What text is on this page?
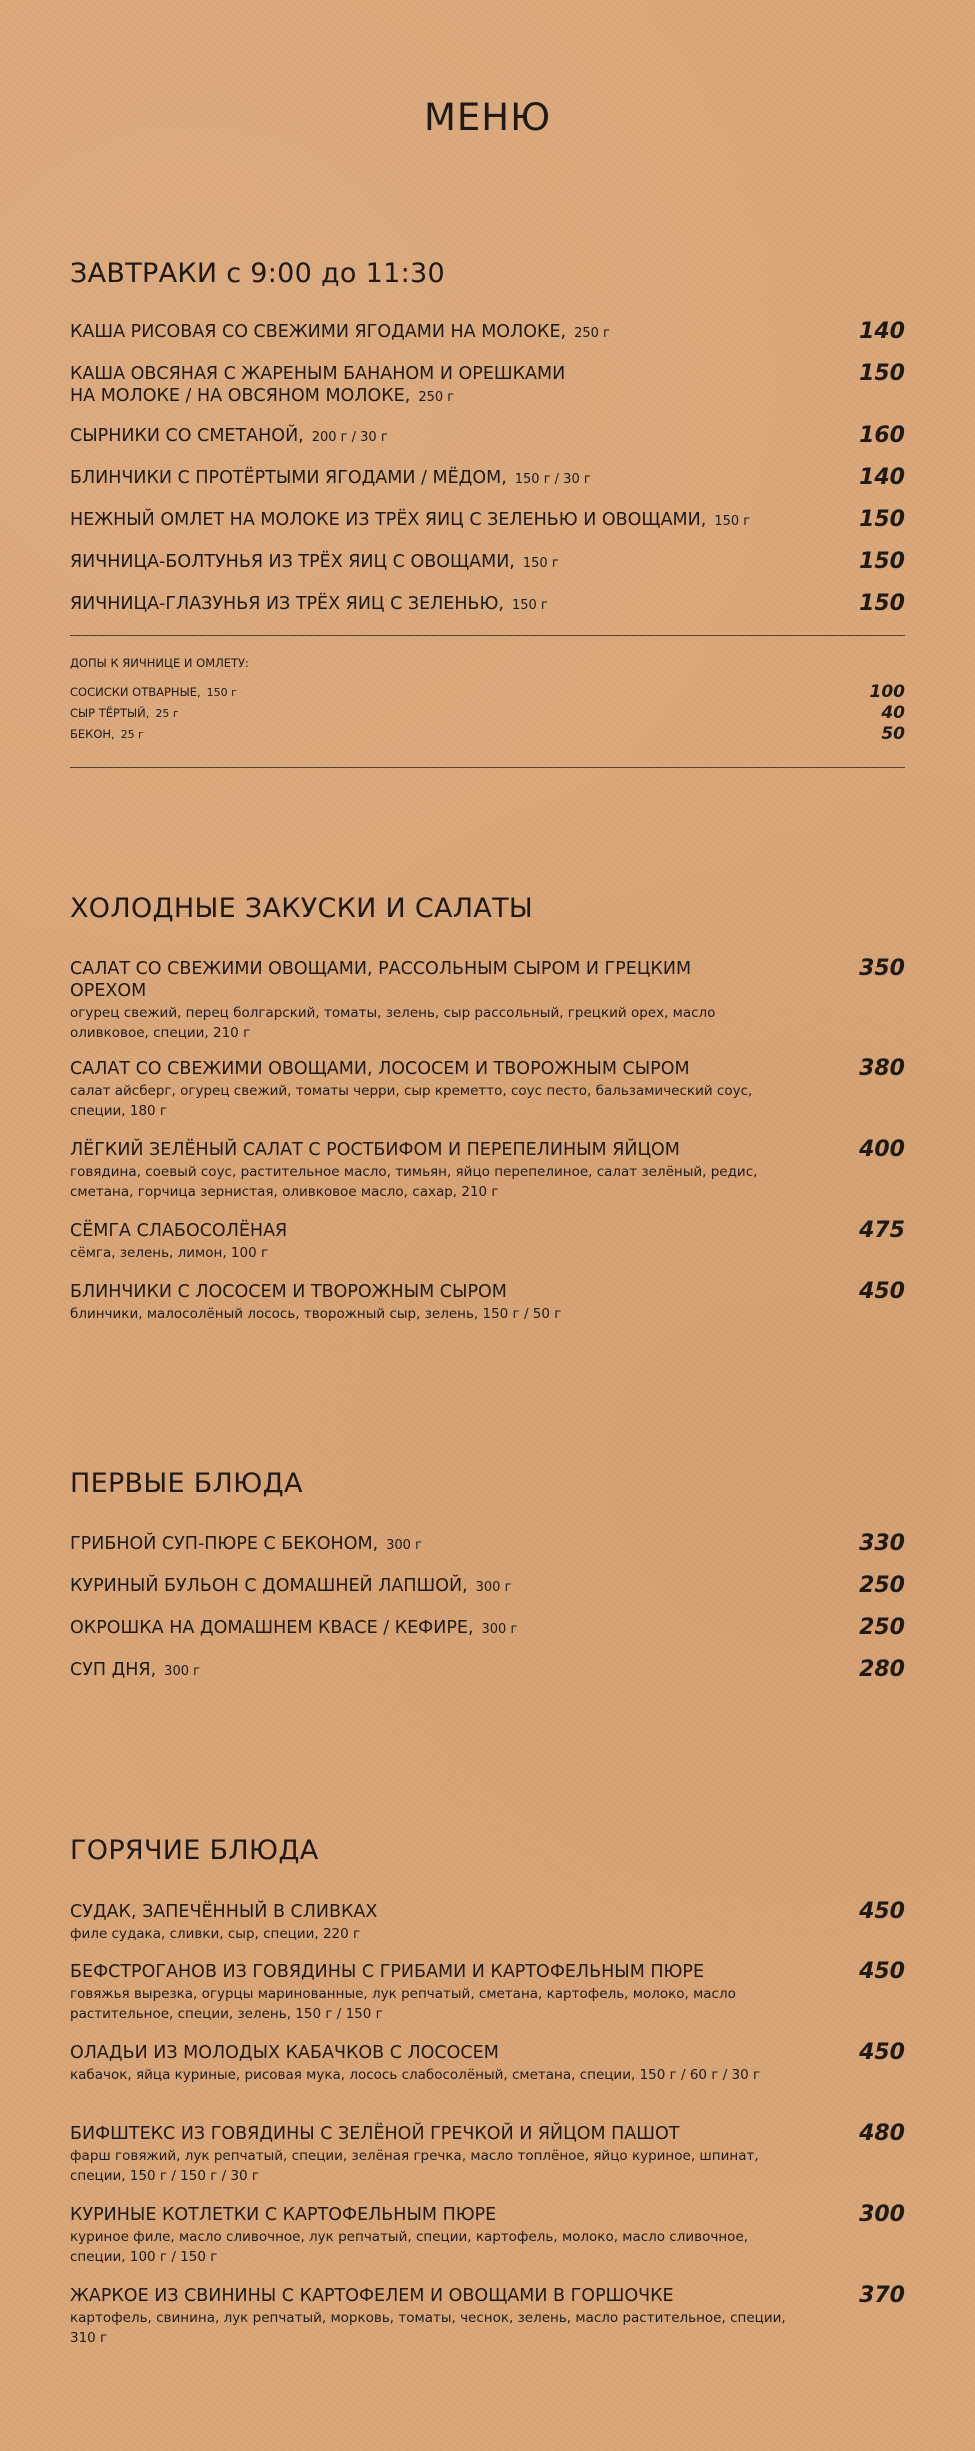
МЕНЮ
ЗАВТРАКИ с 9:00 до 11:30
КАША РИСОВАЯ СО СВЕЖИМИ ЯГОДАМИ НА МОЛОКЕ, 250 г	140
КАША ОВСЯНАЯ С ЖАРЕНЫМ БАНАНОМ И ОРЕШКАМИ НА МОЛОКЕ / НА ОВСЯНОМ МОЛОКЕ, 250 г
150
СЫРНИКИ СО СМЕТАНОЙ, 200 г / 30 г	160
БЛИНЧИКИ С ПРОТЁРТЫМИ ЯГОДАМИ / МЁДОМ, 150 г / 30 г	140
НЕЖНЫЙ ОМЛЕТ НА МОЛОКЕ ИЗ ТРЁХ ЯИЦ С ЗЕЛЕНЬЮ И ОВОЩАМИ, 150 г	150
ЯИЧНИЦА-БОЛТУНЬЯ ИЗ ТРЁХ ЯИЦ С ОВОЩАМИ, 150 г	150
ЯИЧНИЦА-ГЛАЗУНЬЯ ИЗ ТРЁХ ЯИЦ С ЗЕЛЕНЬЮ, 150 г	150
ДОПЫ К ЯИЧНИЦЕ И ОМЛЕТУ:
СОСИСКИ ОТВАРНЫЕ, 150 г	100
СЫР ТЁРТЫЙ, 25 г	40
БЕКОН, 25 г	50
ХОЛОДНЫЕ ЗАКУСКИ И САЛАТЫ
САЛАТ СО СВЕЖИМИ ОВОЩАМИ, РАССОЛЬНЫМ СЫРОМ И ГРЕЦКИМ ОРЕХОМ
огурец свежий, перец болгарский, томаты, зелень, сыр рассольный, грецкий орех, масло оливковое, специи, 210 г
350
САЛАТ СО СВЕЖИМИ ОВОЩАМИ, ЛОСОСЕМ И ТВОРОЖНЫМ СЫРОМ
салат айсберг, огурец свежий, томаты черри, сыр креметто, соус песто, бальзамический соус, специи, 180 г
380
ЛЁГКИЙ ЗЕЛЁНЫЙ САЛАТ С РОСТБИФОМ И ПЕРЕПЕЛИНЫМ ЯЙЦОМ
говядина, соевый соус, растительное масло, тимьян, яйцо перепелиное, салат зелёный, редис, сметана, горчица зернистая, оливковое масло, сахар, 210 г
400
СЁМГА СЛАБОСОЛЁНАЯ
сёмга, зелень, лимон, 100 г
475
БЛИНЧИКИ С ЛОСОСЕМ И ТВОРОЖНЫМ СЫРОМ
блинчики, малосолёный лосось, творожный сыр, зелень, 150 г / 50 г
450
ПЕРВЫЕ БЛЮДА
ГРИБНОЙ СУП-ПЮРЕ С БЕКОНОМ, 300 г	330
КУРИНЫЙ БУЛЬОН С ДОМАШНЕЙ ЛАПШОЙ, 300 г	250
ОКРОШКА НА ДОМАШНЕМ КВАСЕ / КЕФИРЕ, 300 г	250
СУП ДНЯ, 300 г	280
ГОРЯЧИЕ БЛЮДА
СУДАК, ЗАПЕЧЁННЫЙ В СЛИВКАХ
филе судака, сливки, сыр, специи, 220 г
450
БЕФСТРОГАНОВ ИЗ ГОВЯДИНЫ С ГРИБАМИ И КАРТОФЕЛЬНЫМ ПЮРЕ
говяжья вырезка, огурцы маринованные, лук репчатый, сметана, картофель, молоко, масло растительное, специи, зелень, 150 г / 150 г
450
ОЛАДЬИ ИЗ МОЛОДЫХ КАБАЧКОВ С ЛОСОСЕМ
кабачок, яйца куриные, рисовая мука, лосось слабосолёный, сметана, специи, 150 г / 60 г / 30 г
450
БИФШТЕКС ИЗ ГОВЯДИНЫ С ЗЕЛЁНОЙ ГРЕЧКОЙ И ЯЙЦОМ ПАШОТ
фарш говяжий, лук репчатый, специи, зелёная гречка, масло топлёное, яйцо куриное, шпинат, специи, 150 г / 150 г / 30 г
480
КУРИНЫЕ КОТЛЕТКИ С КАРТОФЕЛЬНЫМ ПЮРЕ
куриное филе, масло сливочное, лук репчатый, специи, картофель, молоко, масло сливочное, специи, 100 г / 150 г
300
ЖАРКОЕ ИЗ СВИНИНЫ С КАРТОФЕЛЕМ И ОВОЩАМИ В ГОРШОЧКЕ
картофель, свинина, лук репчатый, морковь, томаты, чеснок, зелень, масло растительное, специи, 310 г
370
